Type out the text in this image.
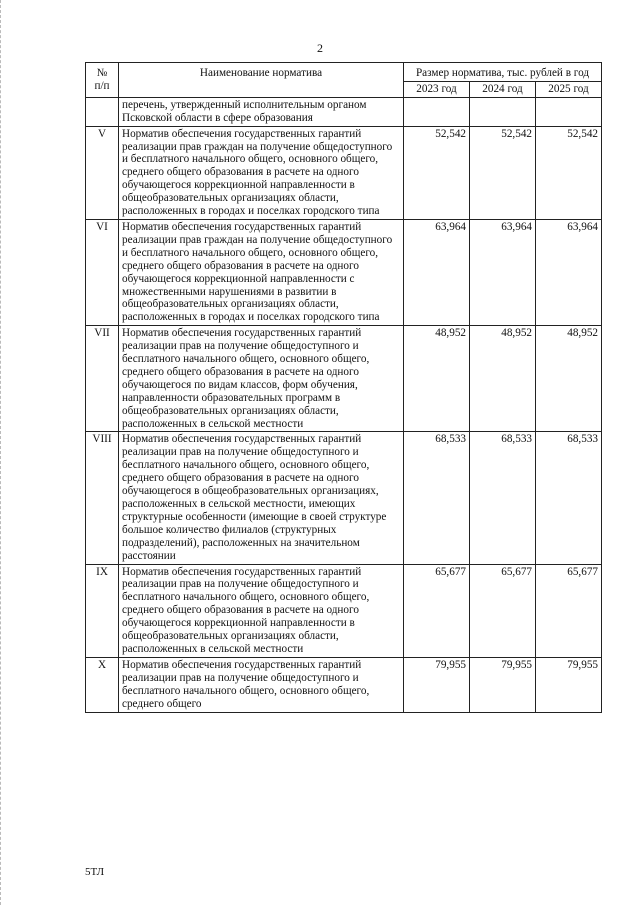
2
№
п/п	Наименование норматива	Размер норматива, тыс. рублей в год		
		2023 год	2024 год	2025 год
	перечень, утвержденный исполнительным органом Псковской области в сфере образования			
V	Норматив обеспечения государственных гарантий реализации прав граждан на получение общедоступного и бесплатного начального общего, основного общего, среднего общего образования в расчете на одного обучающегося коррекционной направленности в общеобразовательных организациях области, расположенных в городах и поселках городского типа	52,542	52,542	52,542
VI	Норматив обеспечения государственных гарантий реализации прав граждан на получение общедоступного и бесплатного начального общего, основного общего, среднего общего образования в расчете на одного обучающегося коррекционной направленности с множественными нарушениями в развитии в общеобразовательных организациях области, расположенных в городах и поселках городского типа	63,964	63,964	63,964
VII	Норматив обеспечения государственных гарантий реализации прав на получение общедоступного и бесплатного начального общего, основного общего, среднего общего образования в расчете на одного обучающегося по видам классов, форм обучения, направленности образовательных программ в общеобразовательных организациях области, расположенных в сельской местности	48,952	48,952	48,952
VIII	Норматив обеспечения государственных гарантий реализации прав на получение общедоступного и бесплатного начального общего, основного общего, среднего общего образования в расчете на одного обучающегося в общеобразовательных организациях, расположенных в сельской местности, имеющих структурные особенности (имеющие в своей структуре большое количество филиалов (структурных подразделений), расположенных на значительном расстоянии	68,533	68,533	68,533
IX	Норматив обеспечения государственных гарантий реализации прав на получение общедоступного и бесплатного начального общего, основного общего, среднего общего образования в расчете на одного обучающегося коррекционной направленности в общеобразовательных организациях области, расположенных в сельской местности	65,677	65,677	65,677
X	Норматив обеспечения государственных гарантий реализации прав на получение общедоступного и бесплатного начального общего, основного общего, среднего общего	79,955	79,955	79,955
5ТЛ
